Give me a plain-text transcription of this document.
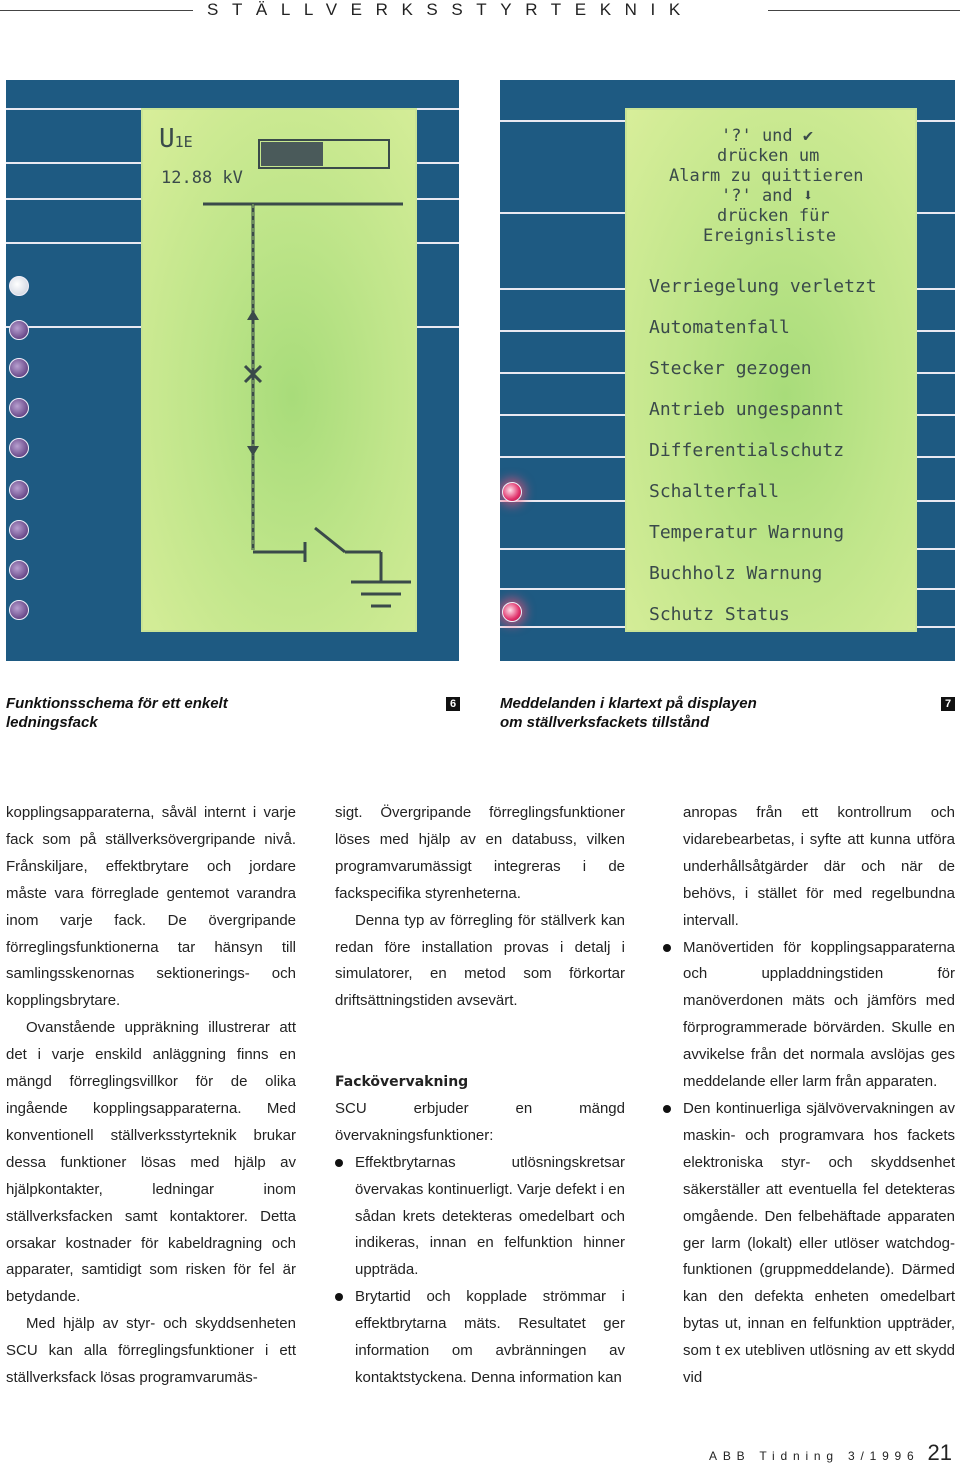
STÄLLVERKSSTYRTEKNIK
U1E
12.88 kV
'?' und ✔
drücken um
Alarm zu quittieren
'?' and ⬇
drücken für
Ereignisliste
Verriegelung verletzt
Automatenfall
Stecker gezogen
Antrieb ungespannt
Differentialschutz
Schalterfall
Temperatur Warnung
Buchholz Warnung
Schutz Status
Funktionsschema för ett enkelt
ledningsfack
6	Meddelanden i klartext på displayen
om ställverksfackets tillstånd
7

kopplingsapparaterna, såväl internt i varje fack som på ställverksövergripande nivå. Frånskiljare, effektbrytare och jordare måste vara förreglade gentemot varandra inom varje fack. De övergripande förreglingsfunktionerna tar hänsyn till samlingsskenornas sektionerings- och kopplingsbrytare.

Ovanstående uppräkning illustrerar att det i varje enskild anläggning finns en mängd förreglingsvillkor för de olika ingående kopplingsapparaterna. Med konventionell ställverksstyrteknik brukar dessa funktioner lösas med hjälp av hjälpkontakter, ledningar inom ställverksfacken samt kontaktorer. Detta orsakar kostnader för kabeldragning och apparater, samtidigt som risken för fel är betydande.

Med hjälp av styr- och skyddsenheten SCU kan alla förreglingsfunktioner i ett ställverksfack lösas programvarumäs-

sigt. Övergripande förreglingsfunktioner löses med hjälp av en databuss, vilken programvarumässigt integreras i de fackspecifika styrenheterna.

Denna typ av förregling för ställverk kan redan före installation provas i detalj i simulatorer, en metod som förkortar driftsättningstiden avsevärt.

Fackövervakning

SCU erbjuder en mängd övervakningsfunktioner:

Effektbrytarnas utlösningskretsar övervakas kontinuerligt. Varje defekt i en sådan krets detekteras omedelbart och indikeras, innan en felfunktion hinner uppträda.

Brytartid och kopplade strömmar i effektbrytarna mäts. Resultatet ger information om avbränningen av kontaktstyckena. Denna information kan

anropas från ett kontrollrum och vidarebearbetas, i syfte att kunna utföra underhållsåtgärder där och när de behövs, i stället för med regelbundna intervall.

Manövertiden för kopplingsapparaterna och uppladdningstiden för manöverdonen mäts och jämförs med förprogrammerade börvärden. Skulle en avvikelse från det normala avslöjas ges meddelande eller larm från apparaten.

Den kontinuerliga självövervakningen av maskin- och programvara hos fackets elektroniska styr- och skyddsenhet säkerställer att eventuella fel detekteras omgående. Den felbehäftade apparaten ger larm (lokalt) eller utlöser watchdog-funktionen (gruppmeddelande). Därmed kan den defekta enheten omedelbart bytas ut, innan en felfunktion uppträder, som t ex utebliven utlösning av ett skydd vid

ABB Tidning 3/1996 21
